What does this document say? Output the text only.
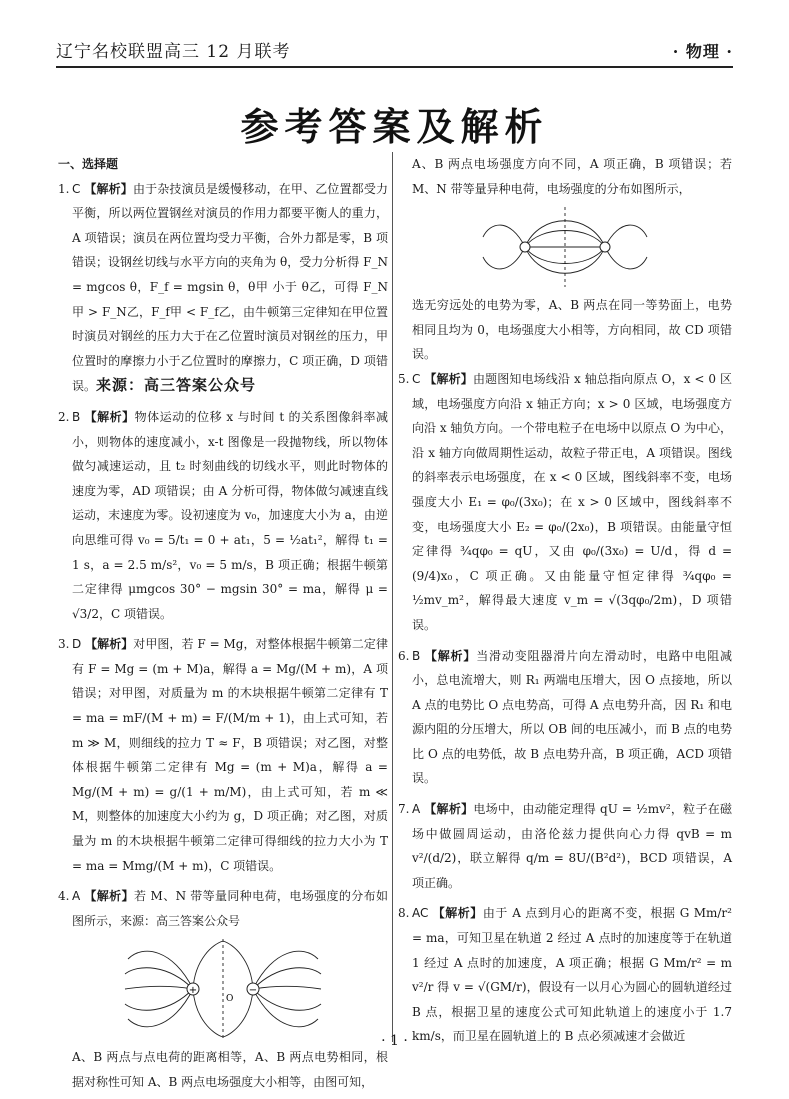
辽宁名校联盟高三 12 月联考	· 物理 ·
参考答案及解析
一、选择题
1. C 【解析】由于杂技演员是缓慢移动，在甲、乙位置都受力平衡，所以两位置钢丝对演员的作用力都要平衡人的重力，A 项错误；演员在两位置均受力平衡，合外力都是零，B 项错误；设钢丝切线与水平方向的夹角为 θ，受力分析得 F_N = mgcos θ，F_f = mgsin θ，θ甲 小于 θ乙，可得 F_N甲 > F_N乙，F_f甲 < F_f乙，由牛顿第三定律知在甲位置时演员对钢丝的压力大于在乙位置时演员对钢丝的压力，甲位置时的摩擦力小于乙位置时的摩擦力，C 项正确，D 项错误。来源：高三答案公众号
2. B 【解析】物体运动的位移 x 与时间 t 的关系图像斜率减小，则物体的速度减小，x-t 图像是一段抛物线，所以物体做匀减速运动，且 t₂ 时刻曲线的切线水平，则此时物体的速度为零，AD 项错误；由 A 分析可得，物体做匀减速直线运动，末速度为零。设初速度为 v₀，加速度大小为 a，由逆向思维可得 v₀ = 5/t₁ = 0 + at₁，5 = ½at₁²，解得 t₁ = 1 s，a = 2.5 m/s²，v₀ = 5 m/s，B 项正确；根据牛顿第二定律得 μmgcos 30° − mgsin 30° = ma，解得 μ = √3/2，C 项错误。
3. D 【解析】对甲图，若 F = Mg，对整体根据牛顿第二定律有 F = Mg = (m + M)a，解得 a = Mg/(M + m)，A 项错误；对甲图，对质量为 m 的木块根据牛顿第二定律有 T = ma = mF/(M + m) = F/(M/m + 1)，由上式可知，若 m ≫ M，则细线的拉力 T ≈ F，B 项错误；对乙图，对整体根据牛顿第二定律有 Mg = (m + M)a，解得 a = Mg/(M + m) = g/(1 + m/M)，由上式可知，若 m ≪ M，则整体的加速度大小约为 g，D 项正确；对乙图，对质量为 m 的木块根据牛顿第二定律可得细线的拉力大小为 T = ma = Mmg/(M + m)，C 项错误。
4. A 【解析】若 M、N 带等量同种电荷，电场强度的分布如图所示，来源：高三答案公众号
+	−
O
A、B 两点与点电荷的距离相等，A、B 两点电势相同，根据对称性可知 A、B 两点电场强度大小相等，由图可知，
A、B 两点电场强度方向不同，A 项正确，B 项错误；若 M、N 带等量异种电荷，电场强度的分布如图所示，
选无穷远处的电势为零，A、B 两点在同一等势面上，电势相同且均为 0，电场强度大小相等，方向相同，故 CD 项错误。
5. C 【解析】由题图知电场线沿 x 轴总指向原点 O，x < 0 区域，电场强度方向沿 x 轴正方向；x > 0 区域，电场强度方向沿 x 轴负方向。一个带电粒子在电场中以原点 O 为中心，沿 x 轴方向做周期性运动，故粒子带正电，A 项错误。图线的斜率表示电场强度，在 x < 0 区域，图线斜率不变，电场强度大小 E₁ = φ₀/(3x₀)；在 x > 0 区域中，图线斜率不变，电场强度大小 E₂ = φ₀/(2x₀)，B 项错误。由能量守恒定律得 ¾qφ₀ = qU，又由 φ₀/(3x₀) = U/d，得 d = (9/4)x₀，C 项正确。又由能量守恒定律得 ¾qφ₀ = ½mv_m²，解得最大速度 v_m = √(3qφ₀/2m)，D 项错误。
6. B 【解析】当滑动变阻器滑片向左滑动时，电路中电阻减小，总电流增大，则 R₁ 两端电压增大，因 O 点接地，所以 A 点的电势比 O 点电势高，可得 A 点电势升高，因 R₁ 和电源内阻的分压增大，所以 OB 间的电压减小，而 B 点的电势比 O 点的电势低，故 B 点电势升高，B 项正确，ACD 项错误。
7. A 【解析】电场中，由动能定理得 qU = ½mv²，粒子在磁场中做圆周运动，由洛伦兹力提供向心力得 qvB = m v²/(d/2)，联立解得 q/m = 8U/(B²d²)，BCD 项错误，A 项正确。
8. AC 【解析】由于 A 点到月心的距离不变，根据 G Mm/r² = ma，可知卫星在轨道 2 经过 A 点时的加速度等于在轨道 1 经过 A 点时的加速度，A 项正确；根据 G Mm/r² = m v²/r 得 v = √(GM/r)，假设有一以月心为圆心的圆轨道经过 B 点，根据卫星的速度公式可知此轨道上的速度小于 1.7 km/s，而卫星在圆轨道上的 B 点必须减速才会做近
· 1 ·
